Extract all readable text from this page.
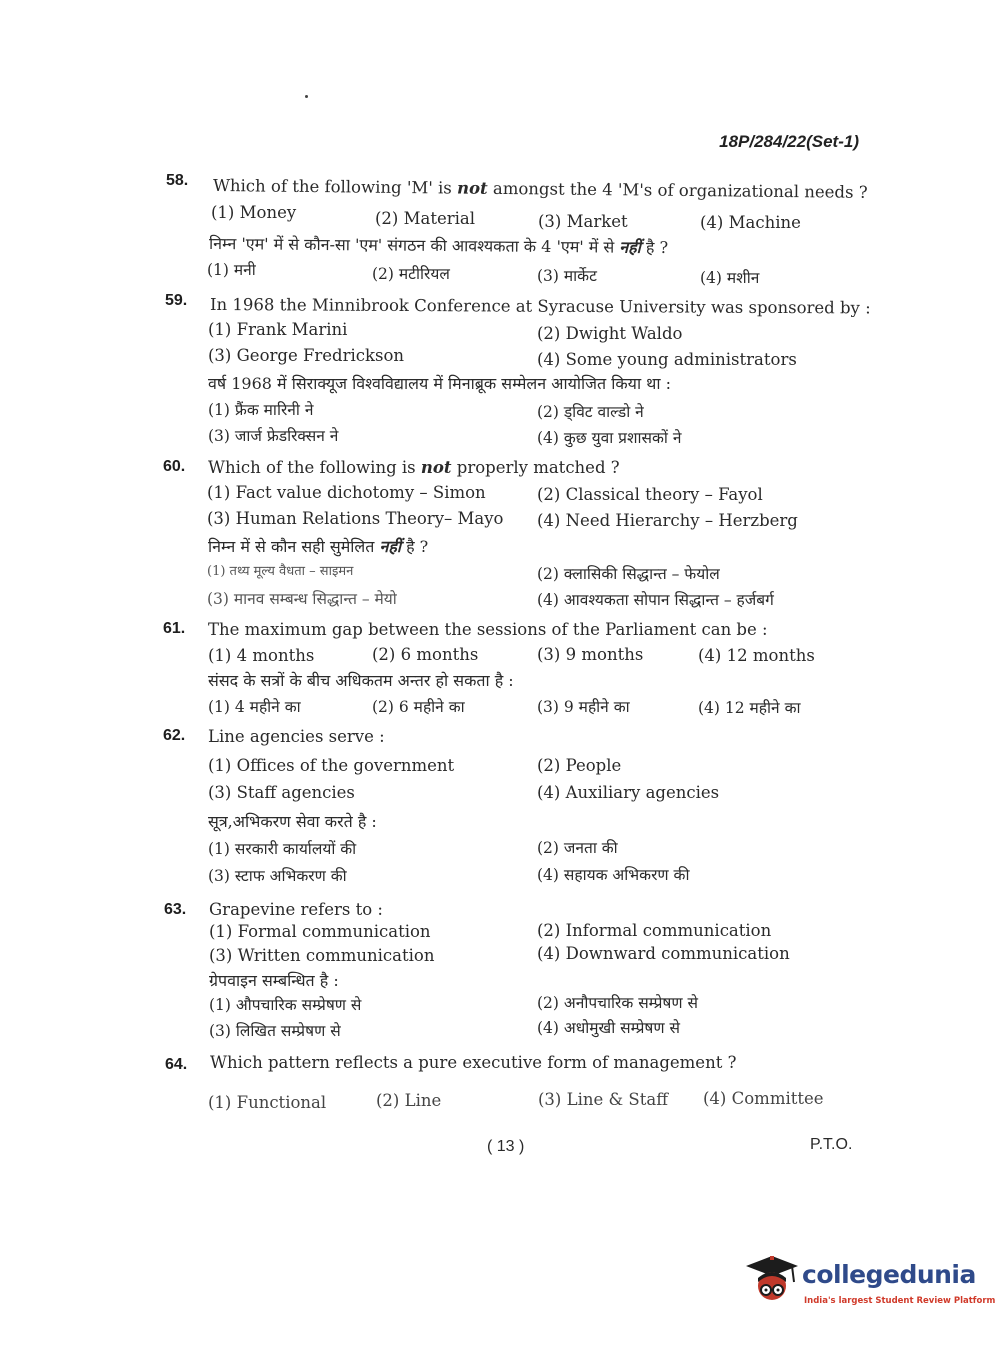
18P/284/22(Set-1)
58. Which of the following 'M' is not amongst the 4 'M's of organizational needs ?
(1) Money	(2) Material	(3) Market	(4) Machine
निम्न 'एम' में से कौन-सा 'एम' संगठन की आवश्यकता के 4 'एम' में से नहीं है ?
(1) मनी	(2) मटीरियल	(3) मार्केट	(4) मशीन
59. In 1968 the Minnibrook Conference at Syracuse University was sponsored by :
(1) Frank Marini	(2) Dwight Waldo
(3) George Fredrickson	(4) Some young administrators
वर्ष 1968 में सिराक्यूज विश्वविद्यालय में मिनाब्रूक सम्मेलन आयोजित किया था :
(1) फ्रैंक मारिनी ने	(2) ड्विट वाल्डो ने
(3) जार्ज फ्रेडरिक्सन ने	(4) कुछ युवा प्रशासकों ने
60. Which of the following is not properly matched ?
(1) Fact value dichotomy – Simon	(2) Classical theory – Fayol
(3) Human Relations Theory– Mayo (4) Need Hierarchy – Herzberg
निम्न में से कौन सही सुमेलित नहीं है ?
(1) तथ्य मूल्य वैधता – साइमन	(2) क्लासिकी सिद्धान्त – फेयोल
(3) मानव सम्बन्ध सिद्धान्त – मेयो	(4) आवश्यकता सोपान सिद्धान्त – हर्जबर्ग
61. The maximum gap between the sessions of the Parliament can be :
(1) 4 months	(2) 6 months	(3) 9 months	(4) 12 months
संसद के सत्रों के बीच अधिकतम अन्तर हो सकता है :
(1) 4 महीने का	(2) 6 महीने का	(3) 9 महीने का	(4) 12 महीने का
62. Line agencies serve :
(1) Offices of the government	(2) People
(3) Staff agencies	(4) Auxiliary agencies
सूत्र,अभिकरण सेवा करते है :
(1) सरकारी कार्यालयों की	(2) जनता की
(3) स्टाफ अभिकरण की	(4) सहायक अभिकरण की
63. Grapevine refers to :
(1) Formal communication	(2) Informal communication
(3) Written communication	(4) Downward communication
ग्रेपवाइन सम्बन्धित है :
(1) औपचारिक सम्प्रेषण से	(2) अनौपचारिक सम्प्रेषण से
(3) लिखित सम्प्रेषण से	(4) अधोमुखी सम्प्रेषण से
64. Which pattern reflects a pure executive form of management ?
(1) Functional	(2) Line	(3) Line & Staff (4) Committee
( 13 )	P.T.O.
collegedunia
India's largest Student Review Platform
